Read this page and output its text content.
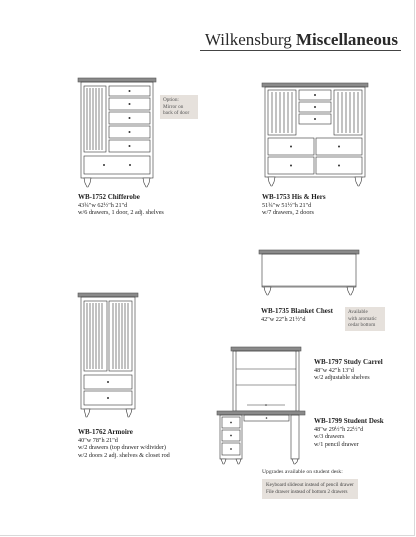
Wilkensburg Miscellaneous
Option:
Mirror on
back of door
WB-1752 Chifferobe
43¾"w 62½"h 21"d
w/6 drawers, 1 door, 2 adj. shelves
WB-1753 His & Hers
51¾"w 51½"h 21"d
w/7 drawers, 2 doors
Available
with aromatic
cedar bottom
WB-1735 Blanket Chest
42"w 22"h 21½"d
WB-1762 Armoire
40"w 78"h 21"d
w/2 drawers (top drawer w/divider)
w/2 doors 2 adj. shelves & closet rod
WB-1797 Study Carrel
48"w 42"h 13"d
w/2 adjustable shelves
WB-1799 Student Desk
48"w 29½"h 22½"d
w/3 drawers
w/1 pencil drawer
Upgrades available on student desk:
Keyboard slideout instead of pencil drawer
File drawer instead of bottom 2 drawers
